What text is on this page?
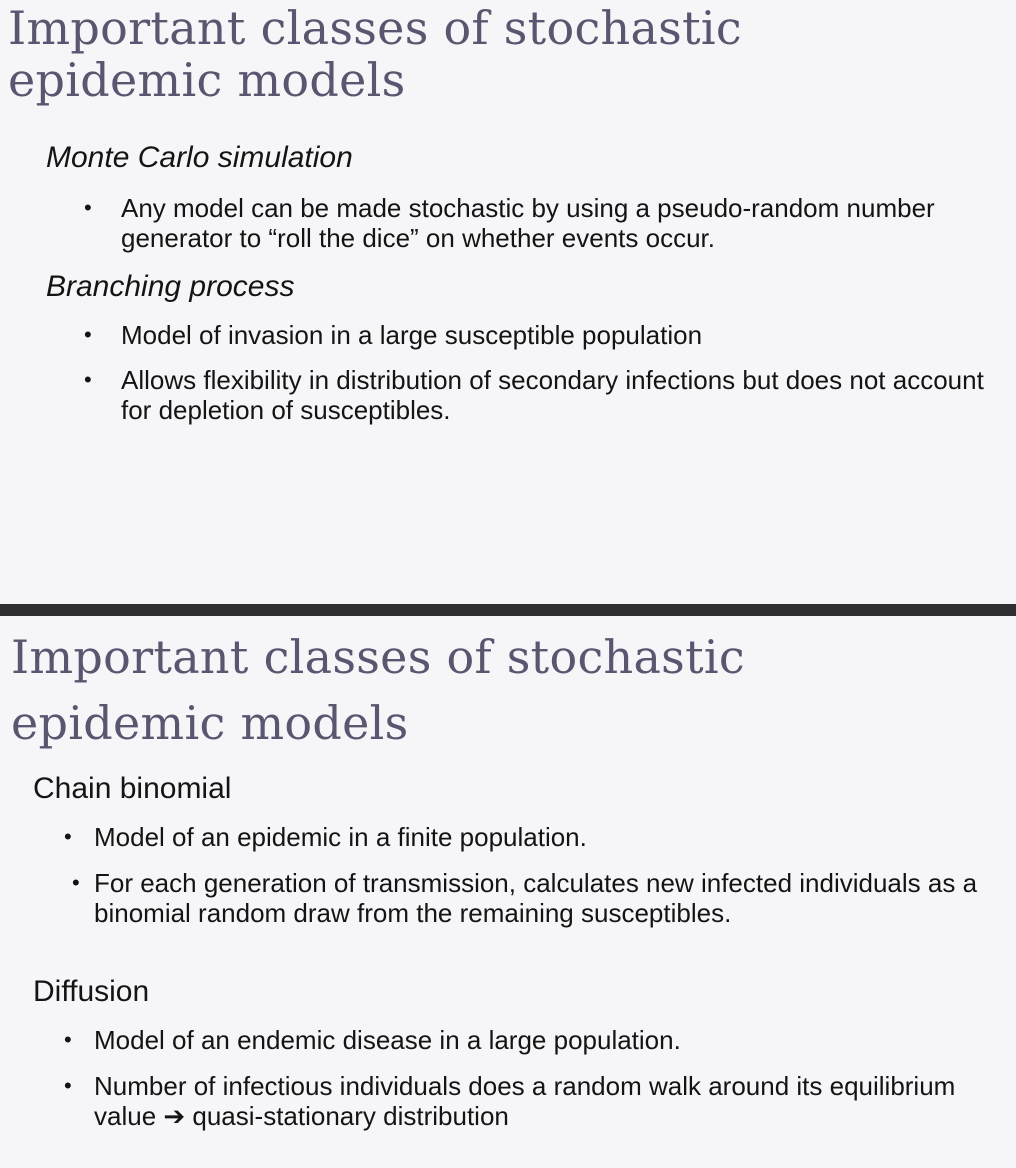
Important classes of stochastic
epidemic models

Monte Carlo simulation

• Any model can be made stochastic by using a pseudo-random number generator to “roll the dice” on whether events occur.

Branching process

• Model of invasion in a large susceptible population
• Allows flexibility in distribution of secondary infections but does not account for depletion of susceptibles.
Important classes of stochastic
epidemic models

Chain binomial

• Model of an epidemic in a finite population.
• For each generation of transmission, calculates new infected individuals as a binomial random draw from the remaining susceptibles.

Diffusion

• Model of an endemic disease in a large population.
• Number of infectious individuals does a random walk around its equilibrium value ➔ quasi-stationary distribution
